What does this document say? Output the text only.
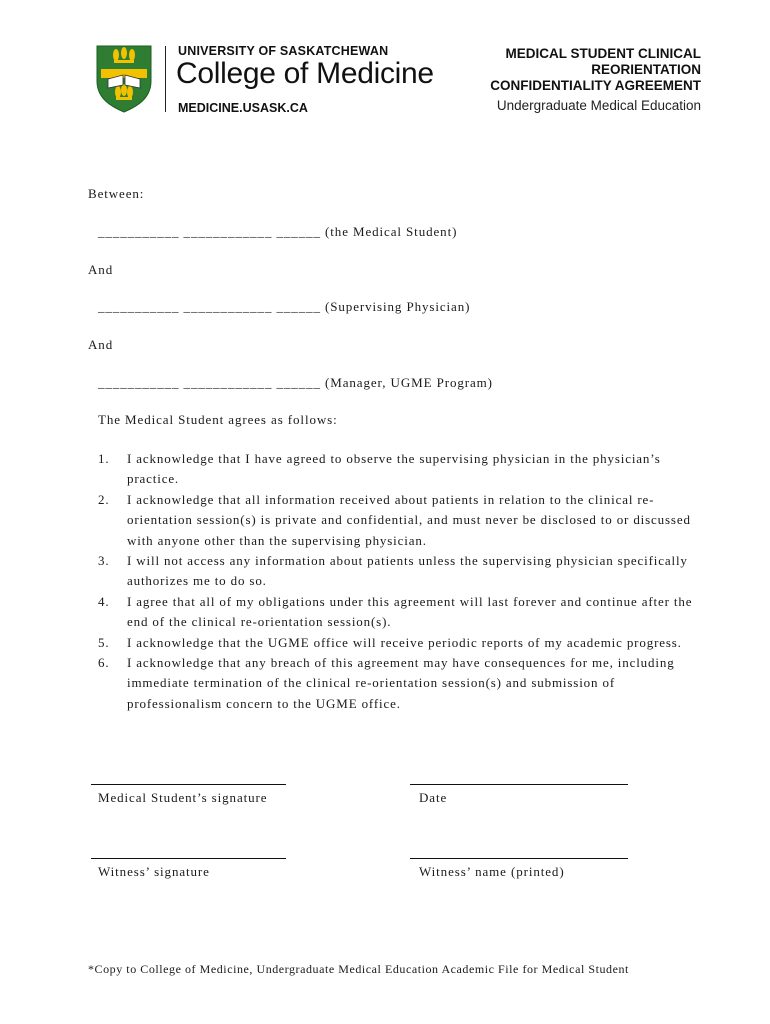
UNIVERSITY OF SASKATCHEWAN
College of Medicine
MEDICINE.USASK.CA
MEDICAL STUDENT CLINICAL
REORIENTATION
CONFIDENTIALITY AGREEMENT
Undergraduate Medical Education
Between:
___________ ____________ ______ (the Medical Student)
And
___________ ____________ ______ (Supervising Physician)
And
___________ ____________ ______ (Manager, UGME Program)
The Medical Student agrees as follows:
1. I acknowledge that I have agreed to observe the supervising physician in the physician’s practice.
2. I acknowledge that all information received about patients in relation to the clinical re-orientation session(s) is private and confidential, and must never be disclosed to or discussed with anyone other than the supervising physician.
3. I will not access any information about patients unless the supervising physician specifically authorizes me to do so.
4. I agree that all of my obligations under this agreement will last forever and continue after the end of the clinical re-orientation session(s).
5. I acknowledge that the UGME office will receive periodic reports of my academic progress.
6. I acknowledge that any breach of this agreement may have consequences for me, including immediate termination of the clinical re-orientation session(s) and submission of professionalism concern to the UGME office.
Medical Student’s signature	Date
Witness’ signature	Witness’ name (printed)
*Copy to College of Medicine, Undergraduate Medical Education Academic File for Medical Student
